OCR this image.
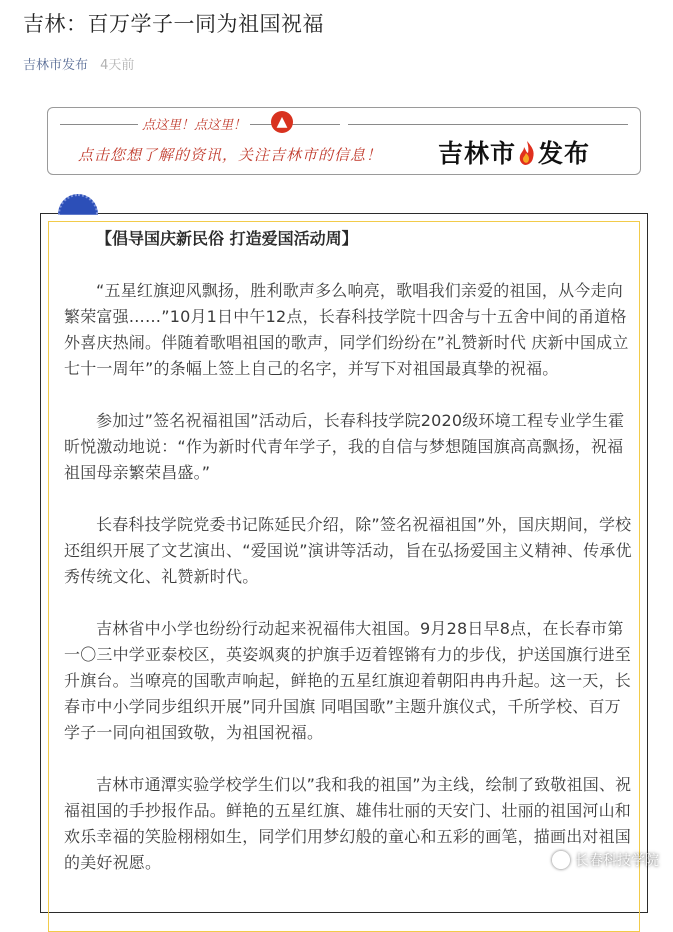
吉林：百万学子一同为祖国祝福
吉林市发布 4天前
点这里！点这里！	▲
点击您想了解的资讯，关注吉林市的信息！ 吉林市 发布

【倡导国庆新民俗 打造爱国活动周】

“五星红旗迎风飘扬，胜利歌声多么响亮，歌唱我们亲爱的祖国，从今走向繁荣富强……”10月1日中午12点，长春科技学院十四舍与十五舍中间的甬道格外喜庆热闹。伴随着歌唱祖国的歌声，同学们纷纷在”礼赞新时代 庆新中国成立七十一周年”的条幅上签上自己的名字，并写下对祖国最真挚的祝福。

参加过”签名祝福祖国”活动后，长春科技学院2020级环境工程专业学生霍昕悦激动地说：“作为新时代青年学子，我的自信与梦想随国旗高高飘扬，祝福祖国母亲繁荣昌盛。”

长春科技学院党委书记陈延民介绍，除”签名祝福祖国”外，国庆期间，学校还组织开展了文艺演出、“爱国说”演讲等活动，旨在弘扬爱国主义精神、传承优秀传统文化、礼赞新时代。

吉林省中小学也纷纷行动起来祝福伟大祖国。9月28日早8点，在长春市第一〇三中学亚泰校区，英姿飒爽的护旗手迈着铿锵有力的步伐，护送国旗行进至升旗台。当嘹亮的国歌声响起，鲜艳的五星红旗迎着朝阳冉冉升起。这一天，长春市中小学同步组织开展”同升国旗 同唱国歌”主题升旗仪式，千所学校、百万学子一同向祖国致敬，为祖国祝福。

吉林市通潭实验学校学生们以”我和我的祖国”为主线，绘制了致敬祖国、祝福祖国的手抄报作品。鲜艳的五星红旗、雄伟壮丽的天安门、壮丽的祖国河山和欢乐幸福的笑脸栩栩如生，同学们用梦幻般的童心和五彩的画笔，描画出对祖国的美好祝愿。	长春科技学院
